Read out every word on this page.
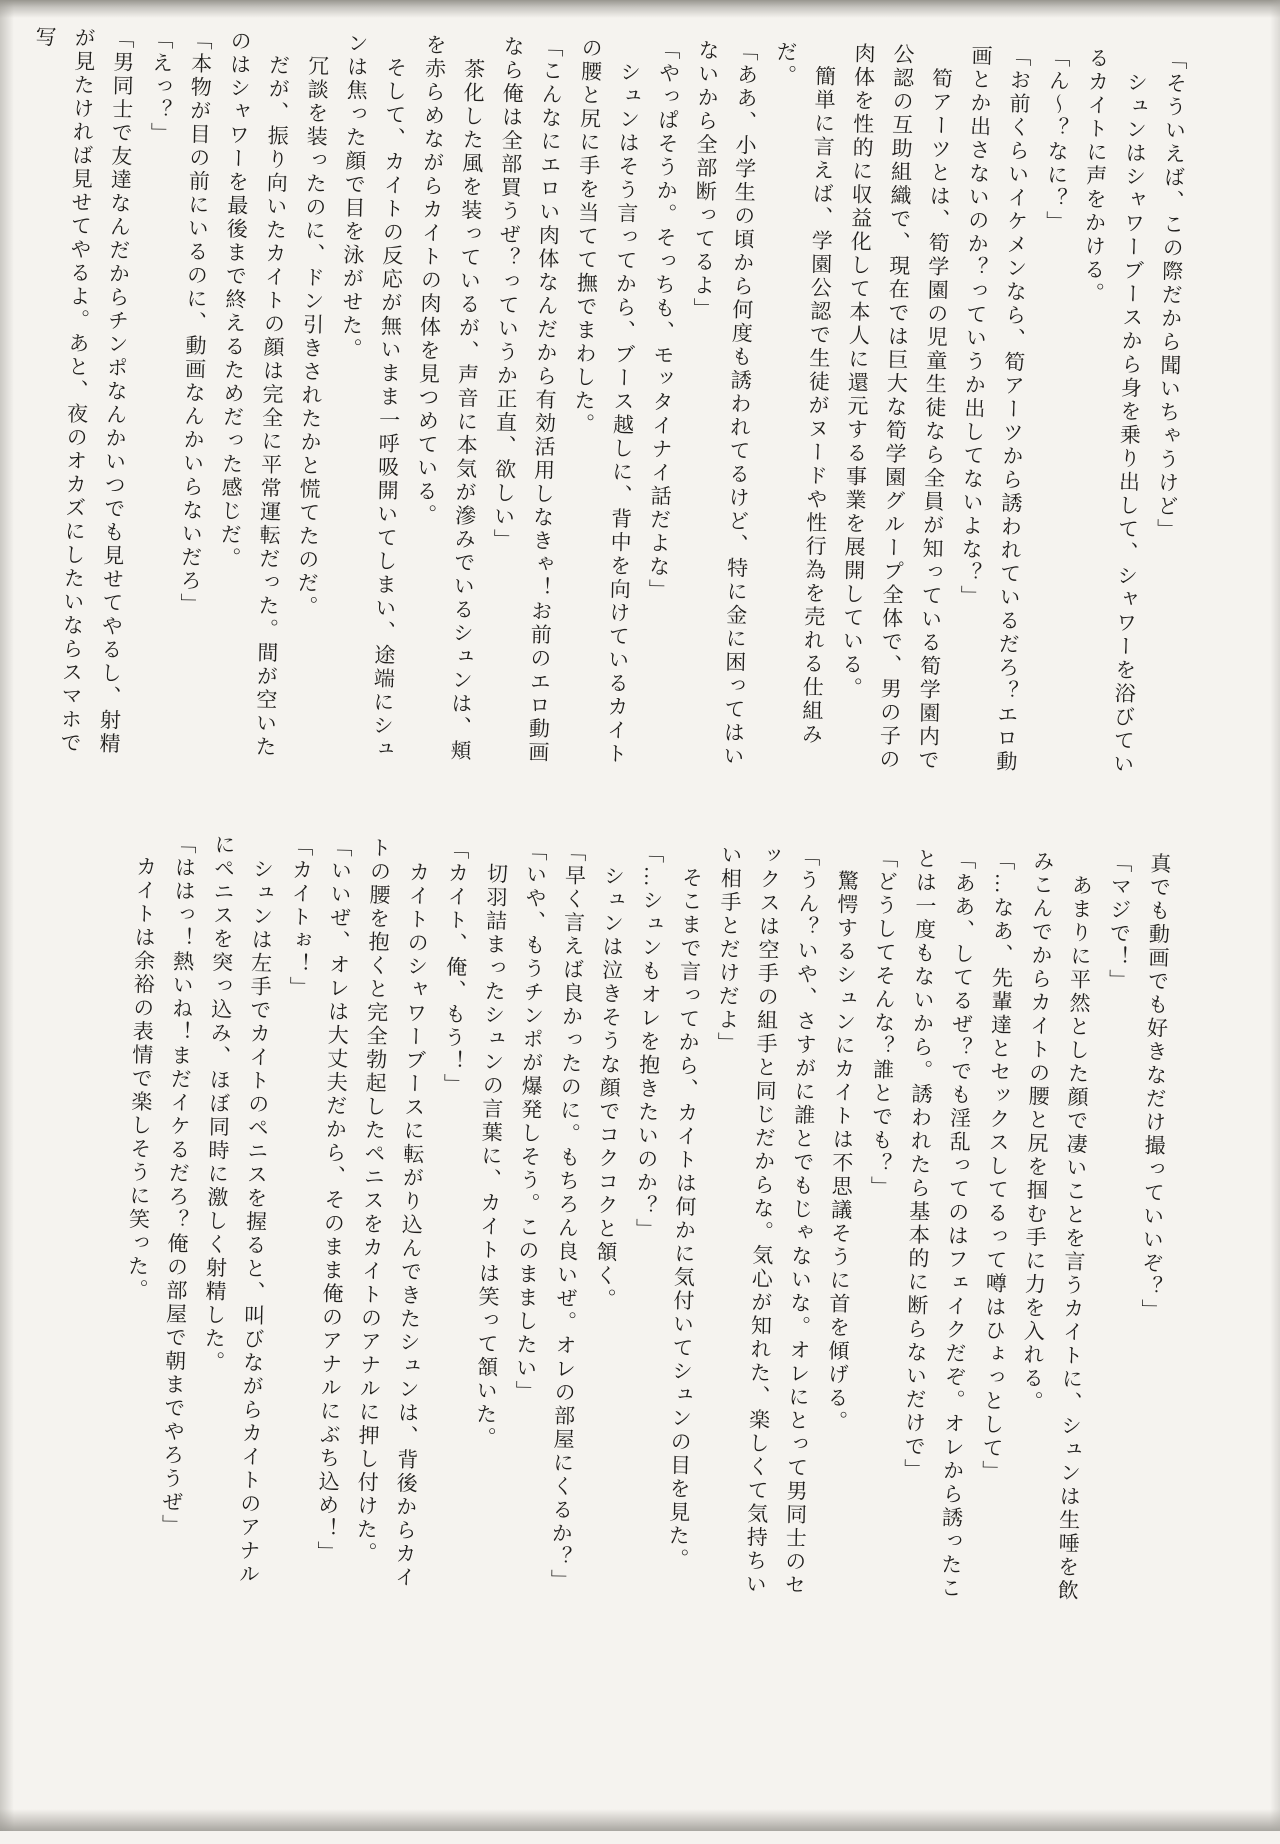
「そういえば、この際だから聞いちゃうけど」

　シュンはシャワーブースから身を乗り出して、シャワーを浴びているカイトに声をかける。

「ん～？なに？」

「お前くらいイケメンなら、筍アーツから誘われているだろ？エロ動画とか出さないのか？っていうか出してないよな？」

　筍アーツとは、筍学園の児童生徒なら全員が知っている筍学園内で公認の互助組織で、現在では巨大な筍学園グループ全体で、男の子の肉体を性的に収益化して本人に還元する事業を展開している。

　簡単に言えば、学園公認で生徒がヌードや性行為を売れる仕組みだ。

「ああ、小学生の頃から何度も誘われてるけど、特に金に困ってはいないから全部断ってるよ」

「やっぱそうか。そっちも、モッタイナイ話だよな」

　シュンはそう言ってから、ブース越しに、背中を向けているカイトの腰と尻に手を当てて撫でまわした。

「こんなにエロい肉体なんだから有効活用しなきゃ！お前のエロ動画なら俺は全部買うぜ？っていうか正直、欲しい」

　茶化した風を装っているが、声音に本気が滲みでいるシュンは、頬を赤らめながらカイトの肉体を見つめている。

　そして、カイトの反応が無いまま一呼吸開いてしまい、途端にシュンは焦った顔で目を泳がせた。

　冗談を装ったのに、ドン引きされたかと慌てたのだ。

　だが、振り向いたカイトの顔は完全に平常運転だった。間が空いたのはシャワーを最後まで終えるためだった感じだ。

「本物が目の前にいるのに、動画なんかいらないだろ」

「えっ？」

「男同士で友達なんだからチンポなんかいつでも見せてやるし、射精が見たければ見せてやるよ。あと、夜のオカズにしたいならスマホで写

真でも動画でも好きなだけ撮っていいぞ？」

「マジで！」

　あまりに平然とした顔で凄いことを言うカイトに、シュンは生唾を飲みこんでからカイトの腰と尻を掴む手に力を入れる。

「…なあ、先輩達とセックスしてるって噂はひょっとして」

「ああ、してるぜ？でも淫乱ってのはフェイクだぞ。オレから誘ったことは一度もないから。誘われたら基本的に断らないだけで」

「どうしてそんな？誰とでも？」

　驚愕するシュンにカイトは不思議そうに首を傾げる。

「うん？いや、さすがに誰とでもじゃないな。オレにとって男同士のセックスは空手の組手と同じだからな。気心が知れた、楽しくて気持ちいい相手とだけだよ」

　そこまで言ってから、カイトは何かに気付いてシュンの目を見た。

「…シュンもオレを抱きたいのか？」

　シュンは泣きそうな顔でコクコクと頷く。

「早く言えば良かったのに。もちろん良いぜ。オレの部屋にくるか？」

「いや、もうチンポが爆発しそう。このまましたい」

　切羽詰まったシュンの言葉に、カイトは笑って頷いた。

「カイト、俺、もう！」

　カイトのシャワーブースに転がり込んできたシュンは、背後からカイトの腰を抱くと完全勃起したペニスをカイトのアナルに押し付けた。

「いいぜ、オレは大丈夫だから、そのまま俺のアナルにぶち込め！」

「カイトぉ！」

　シュンは左手でカイトのペニスを握ると、叫びながらカイトのアナルにペニスを突っ込み、ほぼ同時に激しく射精した。

「ははっ！熱いね！まだイケるだろ？俺の部屋で朝までやろうぜ」

　カイトは余裕の表情で楽しそうに笑った。
